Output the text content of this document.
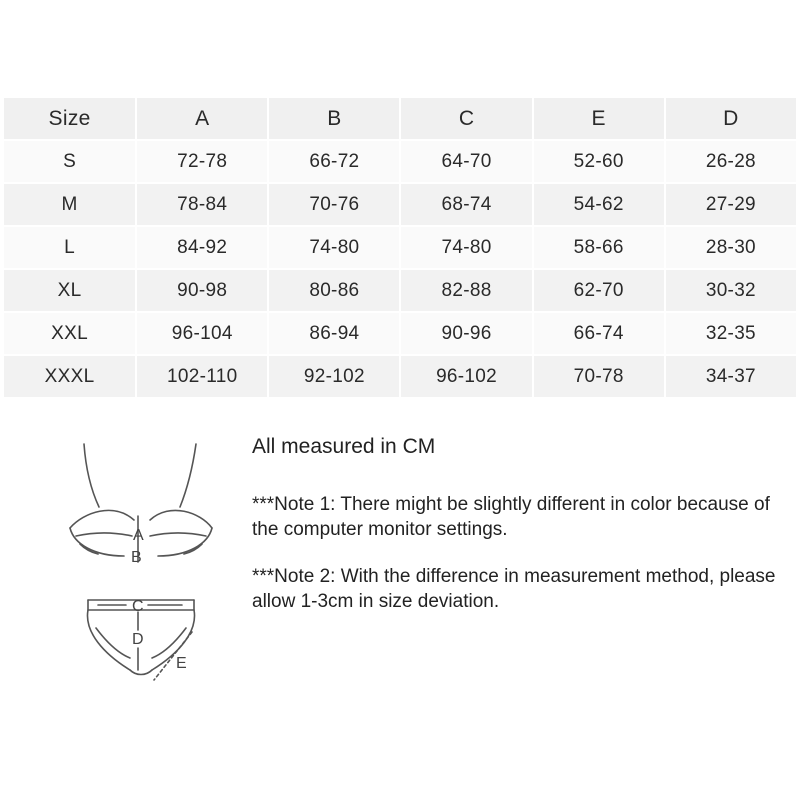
Size	A	B	C	E	D
S	72-78	66-72	64-70	52-60	26-28
M	78-84	70-76	68-74	54-62	27-29
L	84-92	74-80	74-80	58-66	28-30
XL	90-98	80-86	82-88	62-70	30-32
XXL	96-104	86-94	90-96	66-74	32-35
XXXL	102-110	92-102	96-102	70-78	34-37
A
B
C
D
E

All measured in CM

***Note 1: There might be slightly different in color because of the computer monitor settings.

***Note 2: With the difference in measurement method, please allow 1-3cm in size deviation.
